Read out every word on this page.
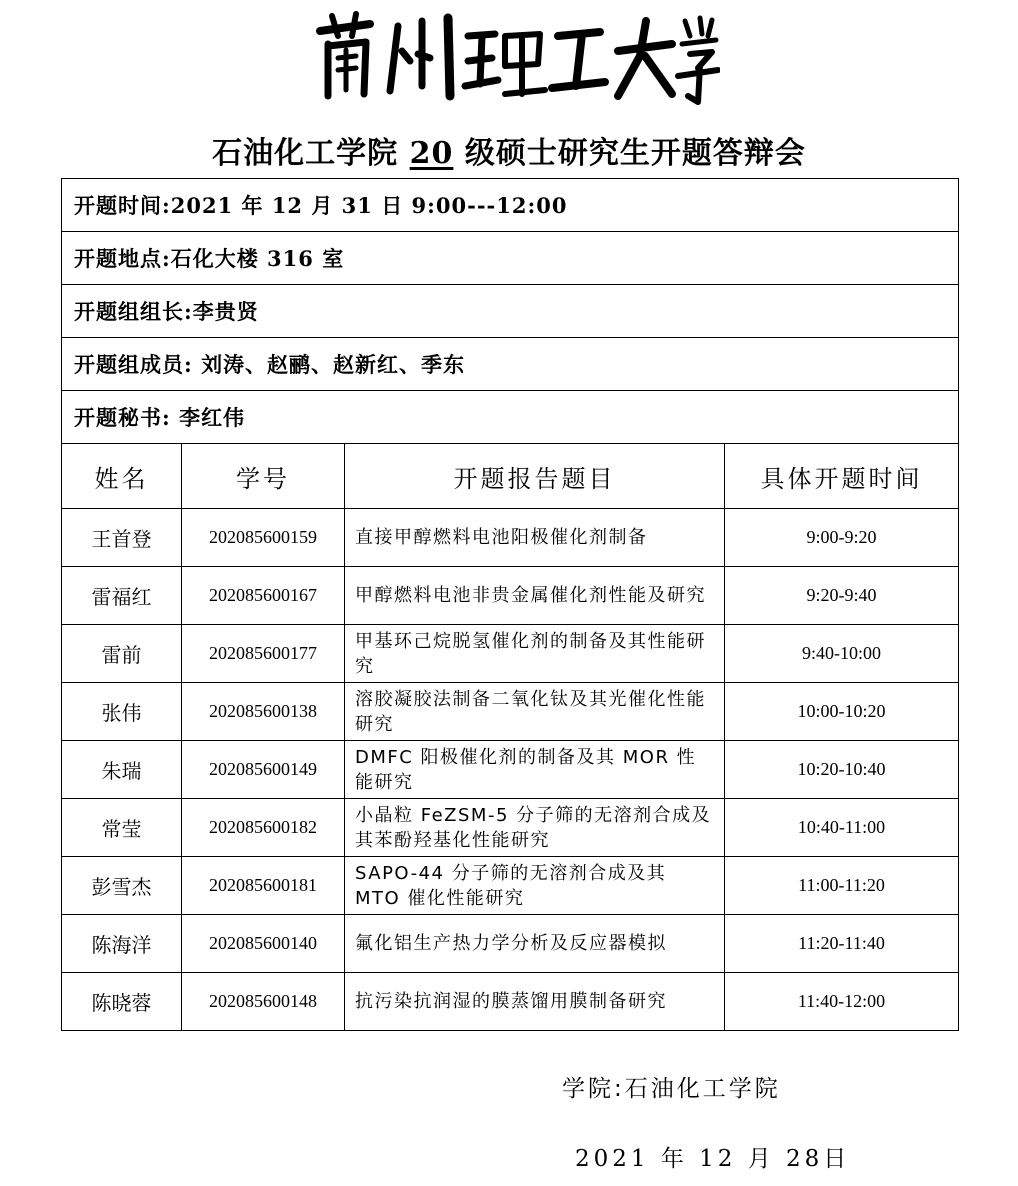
石油化工学院 20 级硕士研究生开题答辩会
开题时间:2021 年 12 月 31 日 9:00---12:00			
开题地点:石化大楼 316 室			
开题组组长:李贵贤			
开题组成员: 刘涛、赵鹂、赵新红、季东			
开题秘书: 李红伟			
姓名	学号	开题报告题目	具体开题时间
王首登	202085600159	直接甲醇燃料电池阳极催化剂制备	9:00-9:20
雷福红	202085600167	甲醇燃料电池非贵金属催化剂性能及研究	9:20-9:40
雷前	202085600177	甲基环己烷脱氢催化剂的制备及其性能研究	9:40-10:00
张伟	202085600138	溶胶凝胶法制备二氧化钛及其光催化性能研究	10:00-10:20
朱瑞	202085600149	DMFC 阳极催化剂的制备及其 MOR 性能研究	10:20-10:40
常莹	202085600182	小晶粒 FeZSM-5 分子筛的无溶剂合成及其苯酚羟基化性能研究	10:40-11:00
彭雪杰	202085600181	SAPO-44 分子筛的无溶剂合成及其 MTO 催化性能研究	11:00-11:20
陈海洋	202085600140	氟化铝生产热力学分析及反应器模拟	11:20-11:40
陈晓蓉	202085600148	抗污染抗润湿的膜蒸馏用膜制备研究	11:40-12:00
学院:石油化工学院
2021 年 12 月 28日
